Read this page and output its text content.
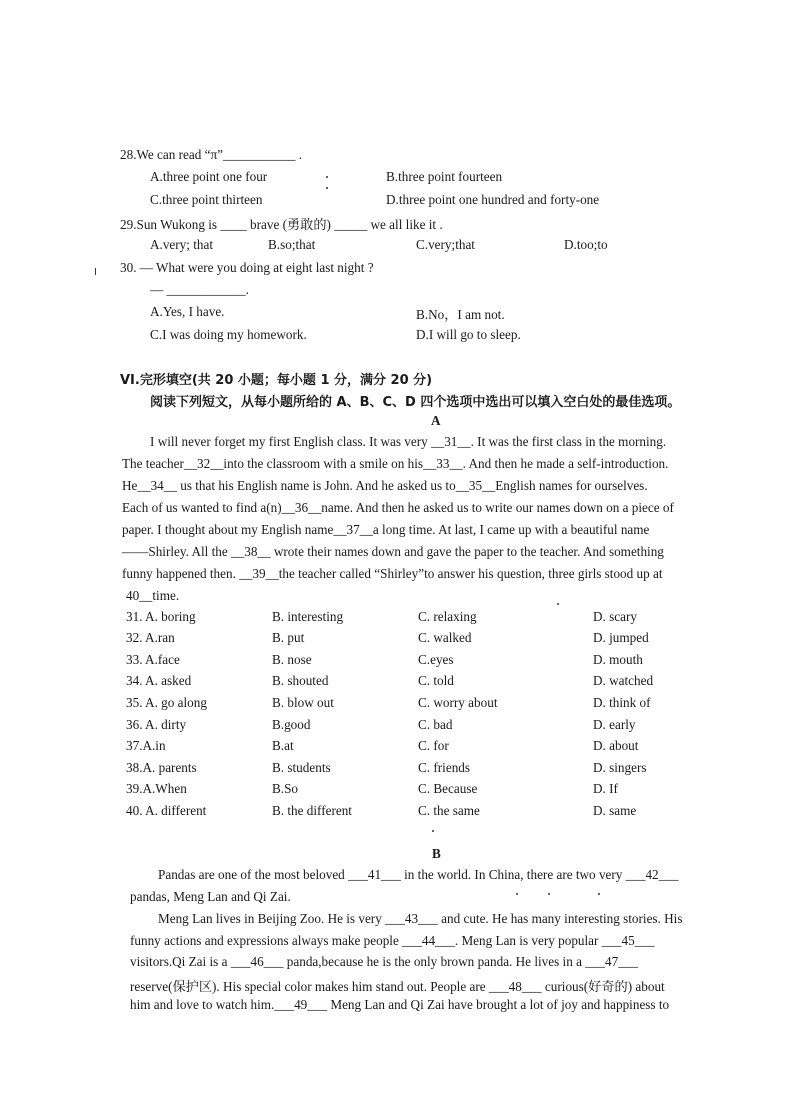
28.We can read “π”___________ .
A.three point one four	B.three point fourteen
C.three point thirteen	D.three point one hundred and forty-one
29.Sun Wukong is ____ brave (勇敢的) _____ we all like it .
A.very; that	B.so;that	C.very;that	D.too;to
30. — What were you doing at eight last night ?
— ____________.
A.Yes, I have.	B.No，I am not.
C.I was doing my homework.	D.I will go to sleep.
VI.完形填空(共 20 小题；每小题 1 分，满分 20 分)
阅读下列短文，从每小题所给的 A、B、C、D 四个选项中选出可以填入空白处的最佳选项。
A
I will never forget my first English class. It was very __31__. It was the first class in the morning.
The teacher__32__into the classroom with a smile on his__33__. And then he made a self-introduction.
He__34__ us that his English name is John. And he asked us to__35__English names for ourselves.
Each of us wanted to find a(n)__36__name. And then he asked us to write our names down on a piece of
paper. I thought about my English name__37__a long time. At last, I came up with a beautiful name
——Shirley. All the __38__ wrote their names down and gave the paper to the teacher. And something
funny happened then. __39__the teacher called “Shirley”to answer his question, three girls stood up at
40__time.
31. A. boring	B. interesting	C. relaxing	D. scary
32. A.ran	B. put	C. walked	D. jumped
33. A.face	B. nose	C.eyes	D. mouth
34. A. asked	B. shouted	C. told	D. watched
35. A. go along	B. blow out	C. worry about	D. think of
36. A. dirty	B.good	C. bad	D. early
37.A.in	B.at	C. for	D. about
38.A. parents	B. students	C. friends	D. singers
39.A.When	B.So	C. Because	D. If
40. A. different	B. the different	C. the same	D. same
B
Pandas are one of the most beloved ___41___ in the world. In China, there are two very ___42___
pandas, Meng Lan and Qi Zai.
Meng Lan lives in Beijing Zoo. He is very ___43___ and cute. He has many interesting stories. His
funny actions and expressions always make people ___44___. Meng Lan is very popular ___45___
visitors.Qi Zai is a ___46___ panda,because he is the only brown panda. He lives in a ___47___
reserve(保护区). His special color makes him stand out. People are ___48___ curious(好奇的) about
him and love to watch him.___49___ Meng Lan and Qi Zai have brought a lot of joy and happiness to
